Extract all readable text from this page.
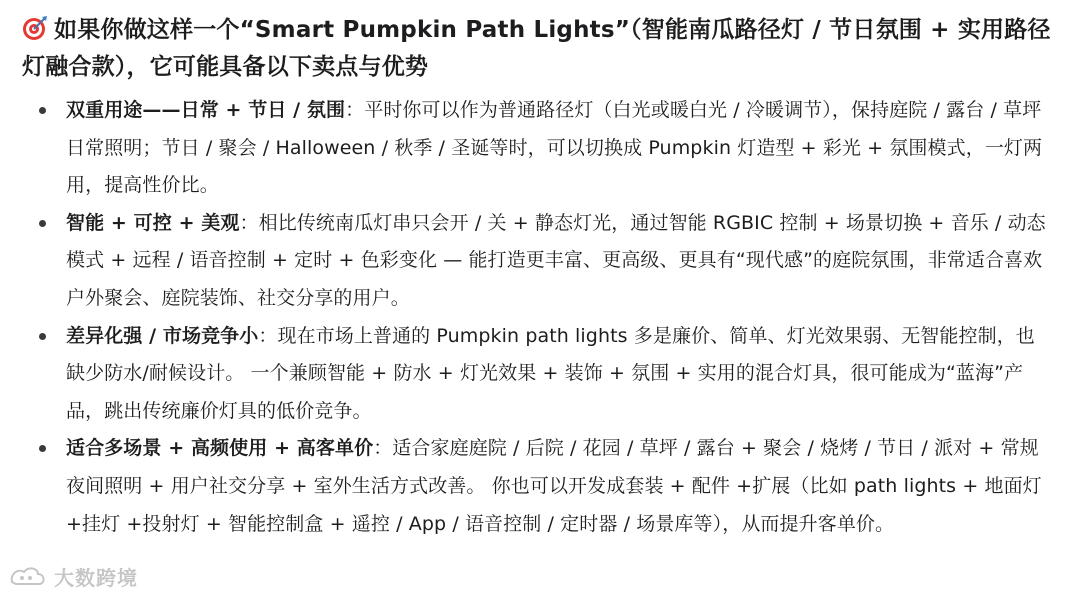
如果你做这样一个“Smart Pumpkin Path Lights”（智能南瓜路径灯 / 节日氛围 + 实用路径灯融合款），它可能具备以下卖点与优势
双重用途——日常 + 节日 / 氛围：平时你可以作为普通路径灯（白光或暖白光 / 冷暖调节），保持庭院 / 露台 / 草坪日常照明；节日 / 聚会 / Halloween / 秋季 / 圣诞等时，可以切换成 Pumpkin 灯造型 + 彩光 + 氛围模式，一灯两用，提高性价比。
智能 + 可控 + 美观：相比传统南瓜灯串只会开 / 关 + 静态灯光，通过智能 RGBIC 控制 + 场景切换 + 音乐 / 动态模式 + 远程 / 语音控制 + 定时 + 色彩变化 — 能打造更丰富、更高级、更具有“现代感”的庭院氛围，非常适合喜欢户外聚会、庭院装饰、社交分享的用户。
差异化强 / 市场竞争小：现在市场上普通的 Pumpkin path lights 多是廉价、简单、灯光效果弱、无智能控制，也缺少防水/耐候设计。 一个兼顾智能 + 防水 + 灯光效果 + 装饰 + 氛围 + 实用的混合灯具，很可能成为“蓝海”产品，跳出传统廉价灯具的低价竞争。
适合多场景 + 高频使用 + 高客单价：适合家庭庭院 / 后院 / 花园 / 草坪 / 露台 + 聚会 / 烧烤 / 节日 / 派对 + 常规夜间照明 + 用户社交分享 + 室外生活方式改善。 你也可以开发成套装 + 配件 +扩展（比如 path lights + 地面灯 +挂灯 +投射灯 + 智能控制盒 + 遥控 / App / 语音控制 / 定时器 / 场景库等），从而提升客单价。
大数跨境
